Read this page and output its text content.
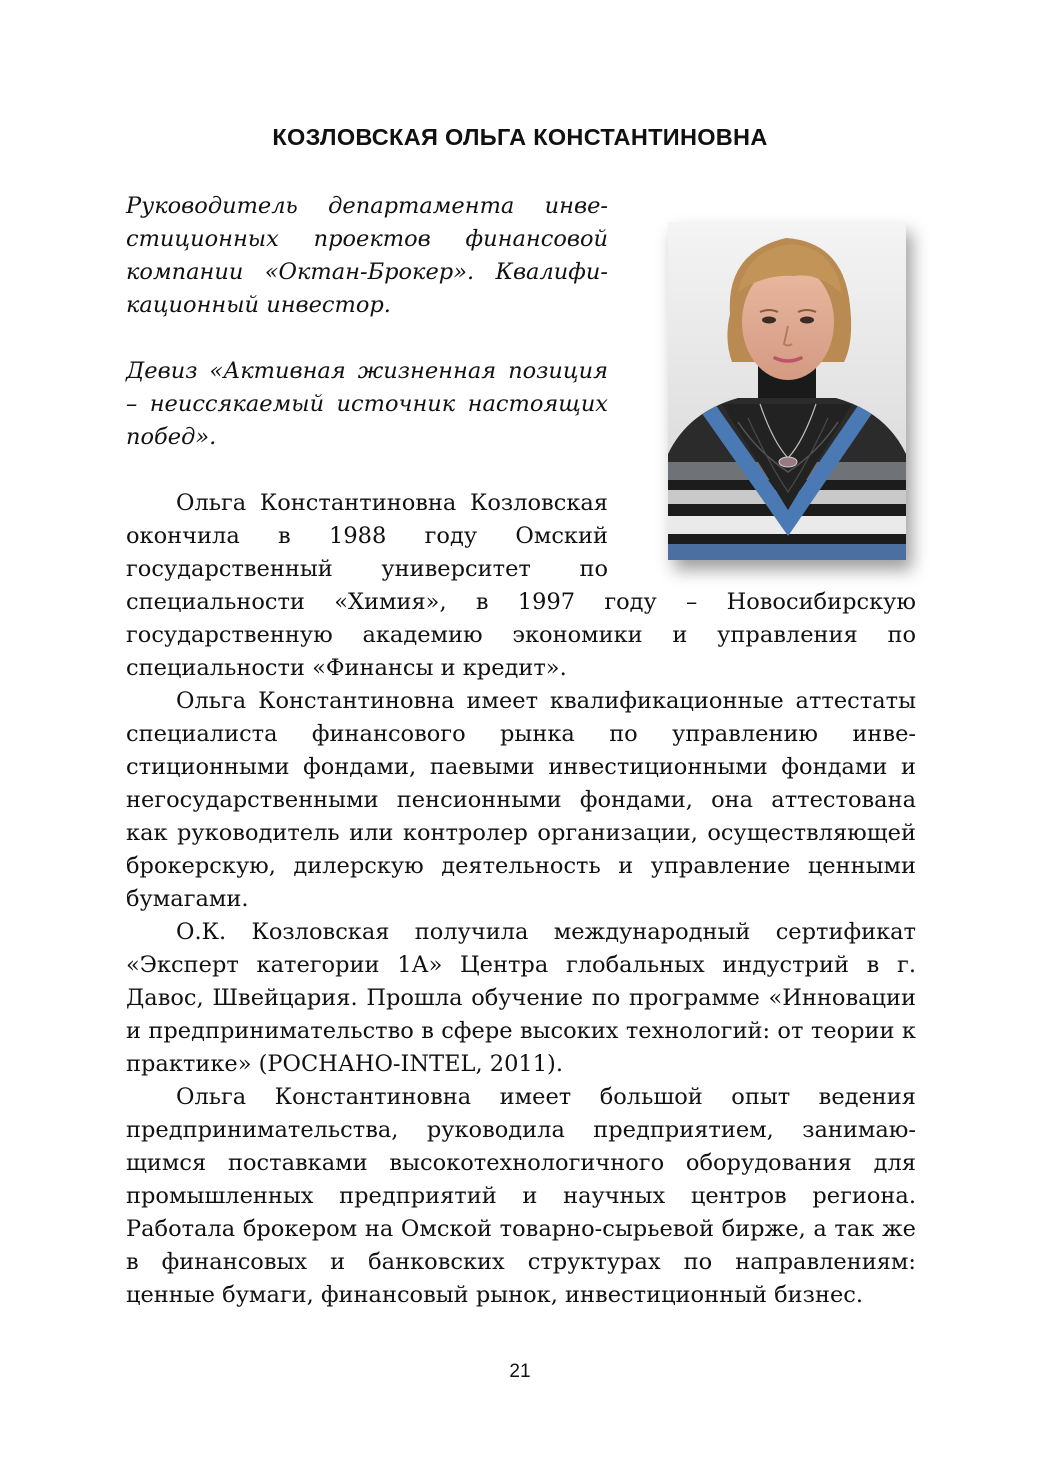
КОЗЛОВСКАЯ ОЛЬГА КОНСТАНТИНОВНА

Руководитель департамента инвестиционных проектов финансовой компании «Октан-Брокер». Квалификационный инвестор.

Девиз «Активная жизненная позиция – неиссякаемый источник настоящих побед».

Ольга Константиновна Козловская окончила в 1988 году Омский государственный университет по специальности «Химия», в 1997 году – Новосибирскую государственную академию экономики и управления по специальности «Финансы и кредит».

Ольга Константиновна имеет квалификационные аттестаты специалиста финансового рынка по управлению инвестиционными фондами, паевыми инвестиционными фондами и негосударственными пенсионными фондами, она аттестована как руководитель или контролер организации, осуществляющей брокерскую, дилерскую деятельность и управление ценными бумагами.

О.К. Козловская получила международный сертификат «Эксперт категории 1А» Центра глобальных индустрий в г. Давос, Швейцария. Прошла обучение по программе «Инновации и предпринимательство в сфере высоких технологий: от теории к практике» (РОСНАНО-INTEL, 2011).

Ольга Константиновна имеет большой опыт ведения предпринимательства, руководила предприятием, занимающимся поставками высокотехнологичного оборудования для промышленных предприятий и научных центров региона. Работала брокером на Омской товарно-сырьевой бирже, а так же в финансовых и банковских структурах по направлениям: ценные бумаги, финансовый рынок, инвестиционный бизнес.

21
